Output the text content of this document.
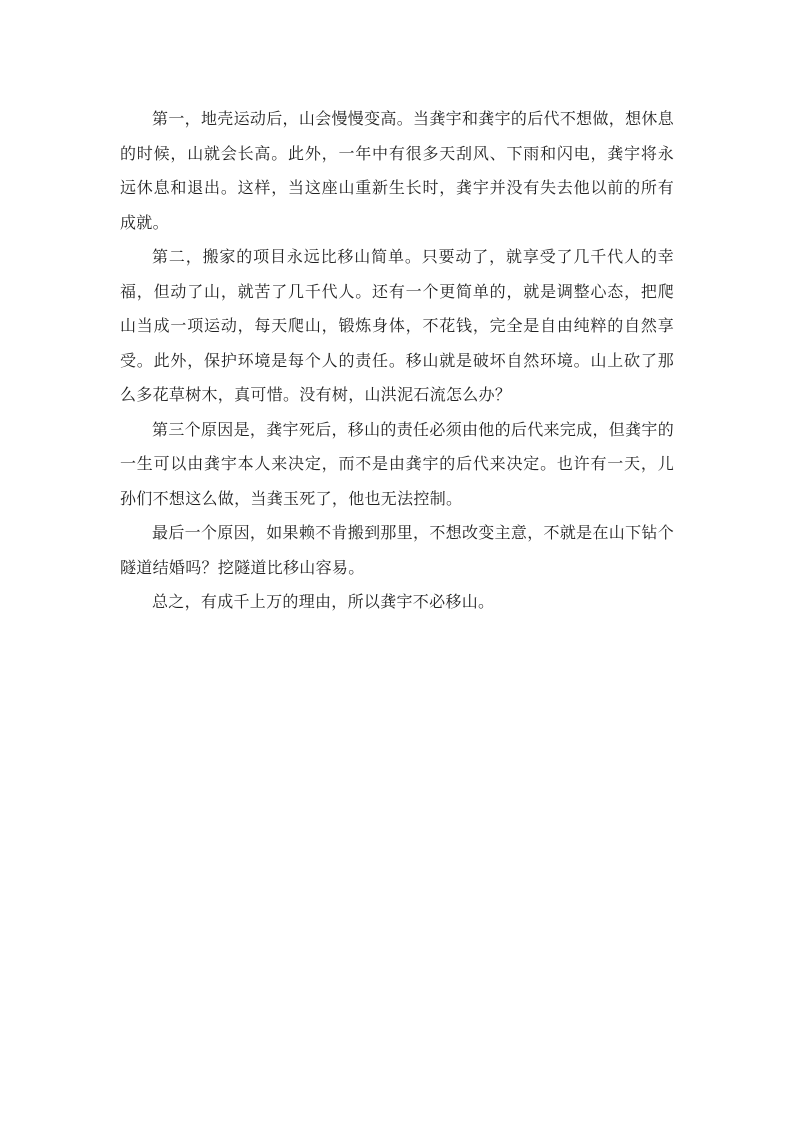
第一，地壳运动后，山会慢慢变高。当龚宇和龚宇的后代不想做，想休息的时候，山就会长高。此外，一年中有很多天刮风、下雨和闪电，龚宇将永远休息和退出。这样，当这座山重新生长时，龚宇并没有失去他以前的所有成就。

第二，搬家的项目永远比移山简单。只要动了，就享受了几千代人的幸福，但动了山，就苦了几千代人。还有一个更简单的，就是调整心态，把爬山当成一项运动，每天爬山，锻炼身体，不花钱，完全是自由纯粹的自然享受。此外，保护环境是每个人的责任。移山就是破坏自然环境。山上砍了那么多花草树木，真可惜。没有树，山洪泥石流怎么办？

第三个原因是，龚宇死后，移山的责任必须由他的后代来完成，但龚宇的一生可以由龚宇本人来决定，而不是由龚宇的后代来决定。也许有一天，儿孙们不想这么做，当龚玉死了，他也无法控制。

最后一个原因，如果赖不肯搬到那里，不想改变主意，不就是在山下钻个隧道结婚吗？挖隧道比移山容易。

总之，有成千上万的理由，所以龚宇不必移山。
